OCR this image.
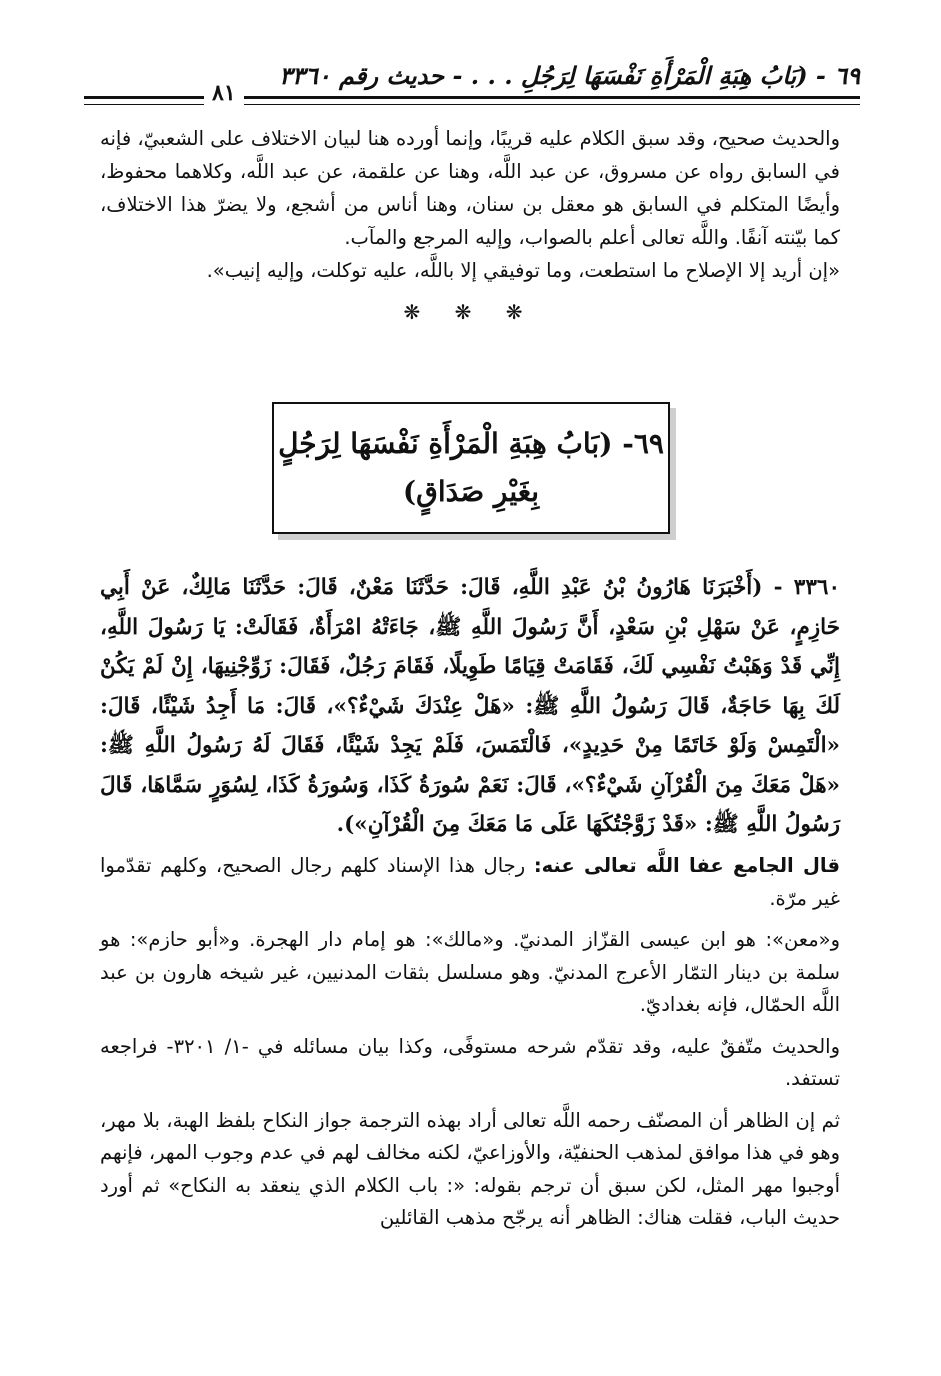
٦٩ - (بَابُ هِبَةِ الْمَرْأَةِ نَفْسَهَا لِرَجُلِ . . . - حديث رقم ٣٣٦٠
٨١

والحديث صحيح، وقد سبق الكلام عليه قريبًا، وإنما أورده هنا لبيان الاختلاف على الشعبيّ، فإنه في السابق رواه عن مسروق، عن عبد اللَّه، وهنا عن علقمة، عن عبد اللَّه، وكلاهما محفوظ، وأيضًا المتكلم في السابق هو معقل بن سنان، وهنا أناس من أشجع، ولا يضرّ هذا الاختلاف، كما بيّنته آنفًا. واللَّه تعالى أعلم بالصواب، وإليه المرجع والمآب.

«إن أريد إلا الإصلاح ما استطعت، وما توفيقي إلا باللَّه، عليه توكلت، وإليه إنيب».

❋ ❋ ❋
٦٩- (بَابُ هِبَةِ الْمَرْأَةِ نَفْسَهَا لِرَجُلٍ
بِغَيْرِ صَدَاقٍ)
٣٣٦٠ - (أَخْبَرَنَا هَارُونُ بْنُ عَبْدِ اللَّهِ، قَالَ: حَدَّثَنَا مَعْنٌ، قَالَ: حَدَّثَنَا مَالِكٌ، عَنْ أَبِي حَازِمٍ، عَنْ سَهْلِ بْنِ سَعْدٍ، أَنَّ رَسُولَ اللَّهِ ﷺ، جَاءَتْهُ امْرَأَةٌ، فَقَالَتْ: يَا رَسُولَ اللَّهِ، إِنِّي قَدْ وَهَبْتُ نَفْسِي لَكَ، فَقَامَتْ قِيَامًا طَوِيلًا، فَقَامَ رَجُلٌ، فَقَالَ: زَوِّجْنِيهَا، إِنْ لَمْ يَكُنْ لَكَ بِهَا حَاجَةٌ، قَالَ رَسُولُ اللَّهِ ﷺ: «هَلْ عِنْدَكَ شَيْءٌ؟»، قَالَ: مَا أَجِدُ شَيْئًا، قَالَ: «الْتَمِسْ وَلَوْ خَاتَمًا مِنْ حَدِيدٍ»، فَالْتَمَسَ، فَلَمْ يَجِدْ شَيْئًا، فَقَالَ لَهُ رَسُولُ اللَّهِ ﷺ: «هَلْ مَعَكَ مِنَ الْقُرْآنِ شَيْءٌ؟»، قَالَ: نَعَمْ سُورَةُ كَذَا، وَسُورَةُ كَذَا، لِسُوَرٍ سَمَّاهَا، قَالَ رَسُولُ اللَّهِ ﷺ: «قَدْ زَوَّجْتُكَهَا عَلَى مَا مَعَكَ مِنَ الْقُرْآنِ»).

قال الجامع عفا اللَّه تعالى عنه: رجال هذا الإسناد كلهم رجال الصحيح، وكلهم تقدّموا غير مرّة.

و«معن»: هو ابن عيسى القزّاز المدنيّ. و«مالك»: هو إمام دار الهجرة. و«أبو حازم»: هو سلمة بن دينار التمّار الأعرج المدنيّ. وهو مسلسل بثقات المدنيين، غير شيخه هارون بن عبد اللَّه الحمّال، فإنه بغداديّ.

والحديث متّفقٌ عليه، وقد تقدّم شرحه مستوفًى، وكذا بيان مسائله في -١/ ٣٢٠١- فراجعه تستفد.

ثم إن الظاهر أن المصنّف رحمه اللَّه تعالى أراد بهذه الترجمة جواز النكاح بلفظ الهبة، بلا مهر، وهو في هذا موافق لمذهب الحنفيّة، والأوزاعيّ، لكنه مخالف لهم في عدم وجوب المهر، فإنهم أوجبوا مهر المثل، لكن سبق أن ترجم بقوله: «: باب الكلام الذي ينعقد به النكاح» ثم أورد حديث الباب، فقلت هناك: الظاهر أنه يرجّح مذهب القائلين
